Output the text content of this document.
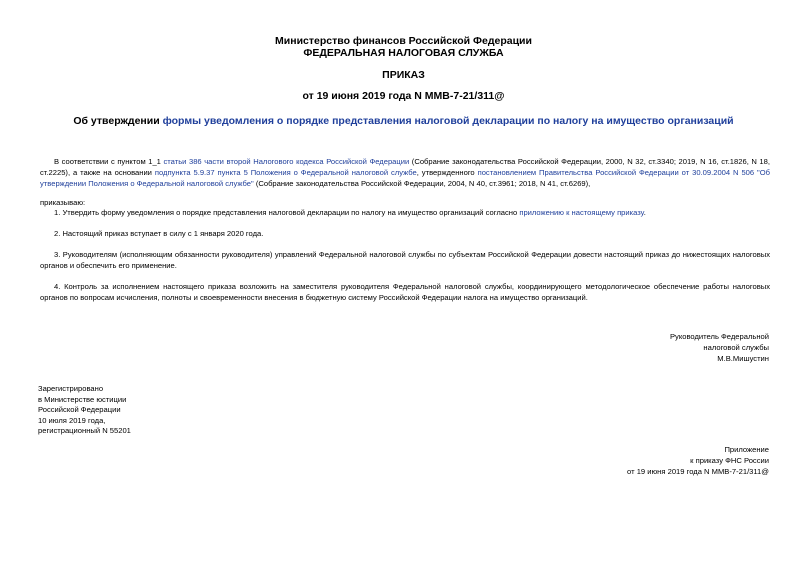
Министерство финансов Российской Федерации
ФЕДЕРАЛЬНАЯ НАЛОГОВАЯ СЛУЖБА
ПРИКАЗ
от 19 июня 2019 года N ММВ-7-21/311@
Об утверждении формы уведомления о порядке представления налоговой декларации по налогу на имущество организаций
В соответствии с пунктом 1_1 статьи 386 части второй Налогового кодекса Российской Федерации (Собрание законодательства Российской Федерации, 2000, N 32, ст.3340; 2019, N 16, ст.1826, N 18, ст.2225), а также на основании подпункта 5.9.37 пункта 5 Положения о Федеральной налоговой службе, утвержденного постановлением Правительства Российской Федерации от 30.09.2004 N 506 "Об утверждении Положения о Федеральной налоговой службе" (Собрание законодательства Российской Федерации, 2004, N 40, ст.3961; 2018, N 41, ст.6269),
приказываю:
1. Утвердить форму уведомления о порядке представления налоговой декларации по налогу на имущество организаций согласно приложению к настоящему приказу.
2. Настоящий приказ вступает в силу с 1 января 2020 года.
3. Руководителям (исполняющим обязанности руководителя) управлений Федеральной налоговой службы по субъектам Российской Федерации довести настоящий приказ до нижестоящих налоговых органов и обеспечить его применение.
4. Контроль за исполнением настоящего приказа возложить на заместителя руководителя Федеральной налоговой службы, координирующего методологическое обеспечение работы налоговых органов по вопросам исчисления, полноты и своевременности внесения в бюджетную систему Российской Федерации налога на имущество организаций.
Руководитель Федеральной
налоговой службы
М.В.Мишустин
Зарегистрировано
в Министерстве юстиции
Российской Федерации
10 июля 2019 года,
регистрационный N 55201
Приложение
к приказу ФНС России
от 19 июня 2019 года N ММВ-7-21/311@
